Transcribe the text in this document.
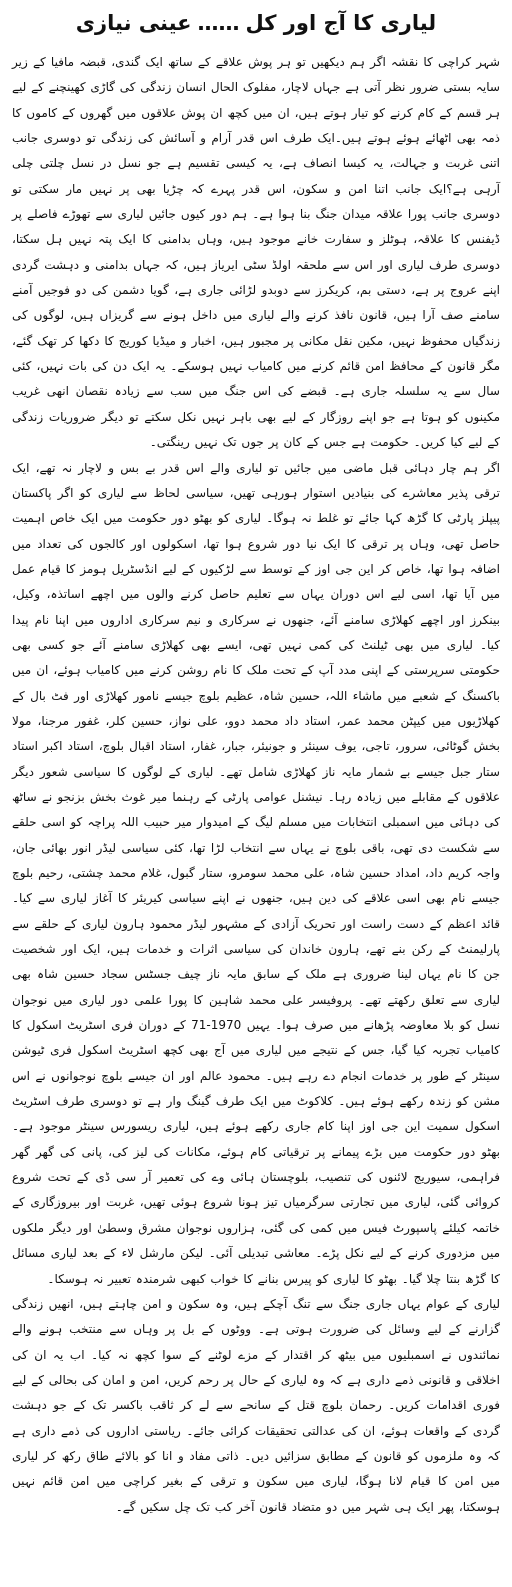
لیاری کا آج اور کل……عینی نیازی

شہر کراچی کا نقشہ اگر ہم دیکھیں تو ہر پوش علاقے کے ساتھ ایک گندی، قبضہ مافیا کے زیر سایہ بستی ضرور نظر آتی ہے جہاں لاچار، مفلوک الحال انسان زندگی کی گاڑی کھینچنے کے لیے ہر قسم کے کام کرنے کو تیار ہوتے ہیں، ان میں کچھ ان پوش علاقوں میں گھروں کے کاموں کا ذمہ بھی اٹھائے ہوئے ہوتے ہیں۔ایک طرف اس قدر آرام و آسائش کی زندگی تو دوسری جانب اتنی غربت و جہالت، یہ کیسا انصاف ہے، یہ کیسی تقسیم ہے جو نسل در نسل چلتی چلی آرہی ہے؟ایک جانب اتنا امن و سکون، اس قدر پہرے کہ چڑیا بھی پر نہیں مار سکتی تو دوسری جانب پورا علاقہ میدان جنگ بنا ہوا ہے۔ ہم دور کیوں جائیں لیاری سے تھوڑے فاصلے پر ڈیفنس کا علاقہ، ہوٹلز و سفارت خانے موجود ہیں، وہاں بدامنی کا ایک پتہ نہیں ہل سکتا، دوسری طرف لیاری اور اس سے ملحقہ اولڈ سٹی ایریاز ہیں، کہ جہاں بدامنی و دہشت گردی اپنے عروج پر ہے، دستی بم، کریکرز سے دوبدو لڑائی جاری ہے، گویا دشمن کی دو فوجیں آمنے سامنے صف آرا ہیں، قانون نافذ کرنے والے لیاری میں داخل ہونے سے گریزاں ہیں، لوگوں کی زندگیاں محفوظ نہیں، مکین نقل مکانی پر مجبور ہیں، اخبار و میڈیا کوریج کا دکھا کر تھک گئے، مگر قانون کے محافظ امن قائم کرنے میں کامیاب نہیں ہوسکے۔ یہ ایک دن کی بات نہیں، کئی سال سے یہ سلسلہ جاری ہے۔ قبضے کی اس جنگ میں سب سے زیادہ نقصان انھی غریب مکینوں کو ہوتا ہے جو اپنے روزگار کے لیے بھی باہر نہیں نکل سکتے تو دیگر ضروریات زندگی کے لیے کیا کریں۔ حکومت ہے جس کے کان پر جوں تک نہیں رینگتی۔

اگر ہم چار دہائی قبل ماضی میں جائیں تو لیاری والے اس قدر بے بس و لاچار نہ تھے، ایک ترقی پذیر معاشرے کی بنیادیں استوار ہورہی تھیں، سیاسی لحاظ سے لیاری کو اگر پاکستان پیپلز پارٹی کا گڑھ کہا جائے تو غلط نہ ہوگا۔ لیاری کو بھٹو دور حکومت میں ایک خاص اہمیت حاصل تھی، وہاں پر ترقی کا ایک نیا دور شروع ہوا تھا، اسکولوں اور کالجوں کی تعداد میں اضافہ ہوا تھا، خاص کر این جی اوز کے توسط سے لڑکیوں کے لیے انڈسٹریل ہومز کا قیام عمل میں آیا تھا، اسی لیے اس دوران یہاں سے تعلیم حاصل کرنے والوں میں اچھے اساتذہ، وکیل، بینکرز اور اچھے کھلاڑی سامنے آئے، جنھوں نے سرکاری و نیم سرکاری اداروں میں اپنا نام پیدا کیا۔ لیاری میں بھی ٹیلنٹ کی کمی نہیں تھی، ایسے بھی کھلاڑی سامنے آئے جو کسی بھی حکومتی سرپرستی کے اپنی مدد آپ کے تحت ملک کا نام روشن کرنے میں کامیاب ہوئے، ان میں باکسنگ کے شعبے میں ماشاء اللہ، حسین شاہ، عظیم بلوچ جیسے نامور کھلاڑی اور فٹ بال کے کھلاڑیوں میں کیپٹن محمد عمر، استاد داد محمد دوو، علی نواز، حسین کلر، غفور مرجنا، مولا بخش گوٹائی، سرور، تاجی، یوف سینئر و جونیئر، جبار، غفار، استاد اقبال بلوچ، استاد اکبر استاد ستار جبل جیسے بے شمار مایہ ناز کھلاڑی شامل تھے۔ لیاری کے لوگوں کا سیاسی شعور دیگر علاقوں کے مقابلے میں زیادہ رہا۔ نیشنل عوامی پارٹی کے رہنما میر غوث بخش بزنجو نے ساٹھ کی دہائی میں اسمبلی انتخابات میں مسلم لیگ کے امیدوار میر حبیب اللہ پراچہ کو اسی حلقے سے شکست دی تھی، باقی بلوچ نے یہاں سے انتخاب لڑا تھا، کئی سیاسی لیڈر انور بھائی جان، واجہ کریم داد، امداد حسین شاہ، علی محمد سومرو، ستار گبول، غلام محمد چشتی، رحیم بلوچ جیسے نام بھی اسی علاقے کی دین ہیں، جنھوں نے اپنے سیاسی کیریئر کا آغاز لیاری سے کیا۔ قائد اعظم کے دست راست اور تحریک آزادی کے مشہور لیڈر محمود ہارون لیاری کے حلقے سے پارلیمنٹ کے رکن بنے تھے، ہارون خاندان کی سیاسی اثرات و خدمات ہیں، ایک اور شخصیت جن کا نام یہاں لینا ضروری ہے ملک کے سابق مایہ ناز چیف جسٹس سجاد حسین شاہ بھی لیاری سے تعلق رکھتے تھے۔ پروفیسر علی محمد شاہین کا پورا علمی دور لیاری میں نوجوان نسل کو بلا معاوضہ پڑھانے میں صرف ہوا۔ یہیں 1970-71 کے دوران فری اسٹریٹ اسکول کا کامیاب تجربہ کیا گیا، جس کے نتیجے میں لیاری میں آج بھی کچھ اسٹریٹ اسکول فری ٹیوشن سینٹر کے طور پر خدمات انجام دے رہے ہیں۔ محمود عالم اور ان جیسے بلوچ نوجوانوں نے اس مشن کو زندہ رکھے ہوئے ہیں۔ کلاکوٹ میں ایک طرف گینگ وار ہے تو دوسری طرف اسٹریٹ اسکول سمیت این جی اوز اپنا کام جاری رکھے ہوئے ہیں، لیاری ریسورس سینٹر موجود ہے۔ بھٹو دور حکومت میں بڑے پیمانے پر ترقیاتی کام ہوئے، مکانات کی لیز کی، پانی کی گھر گھر فراہمی، سیوریج لائنوں کی تنصیب، بلوچستان ہائی وے کی تعمیر آر سی ڈی کے تحت شروع کروائی گئی، لیاری میں تجارتی سرگرمیاں تیز ہونا شروع ہوئی تھیں، غربت اور بیروزگاری کے خاتمہ کیلئے پاسپورٹ فیس میں کمی کی گئی، ہزاروں نوجوان مشرق وسطیٰ اور دیگر ملکوں میں مزدوری کرنے کے لیے نکل پڑے۔ معاشی تبدیلی آئی۔ لیکن مارشل لاء کے بعد لیاری مسائل کا گڑھ بنتا چلا گیا۔ بھٹو کا لیاری کو پیرس بنانے کا خواب کبھی شرمندہ تعبیر نہ ہوسکا۔

لیاری کے عوام یہاں جاری جنگ سے تنگ آچکے ہیں، وہ سکون و امن چاہتے ہیں، انھیں زندگی گزارنے کے لیے وسائل کی ضرورت ہوتی ہے۔ ووٹوں کے بل پر وہاں سے منتخب ہونے والے نمائندوں نے اسمبلیوں میں بیٹھ کر اقتدار کے مزے لوٹنے کے سوا کچھ نہ کیا۔ اب یہ ان کی اخلاقی و قانونی ذمے داری ہے کہ وہ لیاری کے حال پر رحم کریں، امن و امان کی بحالی کے لیے فوری اقدامات کریں۔ رحمان بلوچ قتل کے سانحے سے لے کر ثاقب باکسر تک کے جو دہشت گردی کے واقعات ہوئے، ان کی عدالتی تحقیقات کرائی جائے۔ ریاستی اداروں کی ذمے داری ہے کہ وہ ملزموں کو قانون کے مطابق سزائیں دیں۔ ذاتی مفاد و انا کو بالائے طاق رکھ کر لیاری میں امن کا قیام لانا ہوگا، لیاری میں سکون و ترقی کے بغیر کراچی میں امن قائم نہیں ہوسکتا، پھر ایک ہی شہر میں دو متضاد قانون آخر کب تک چل سکیں گے۔
